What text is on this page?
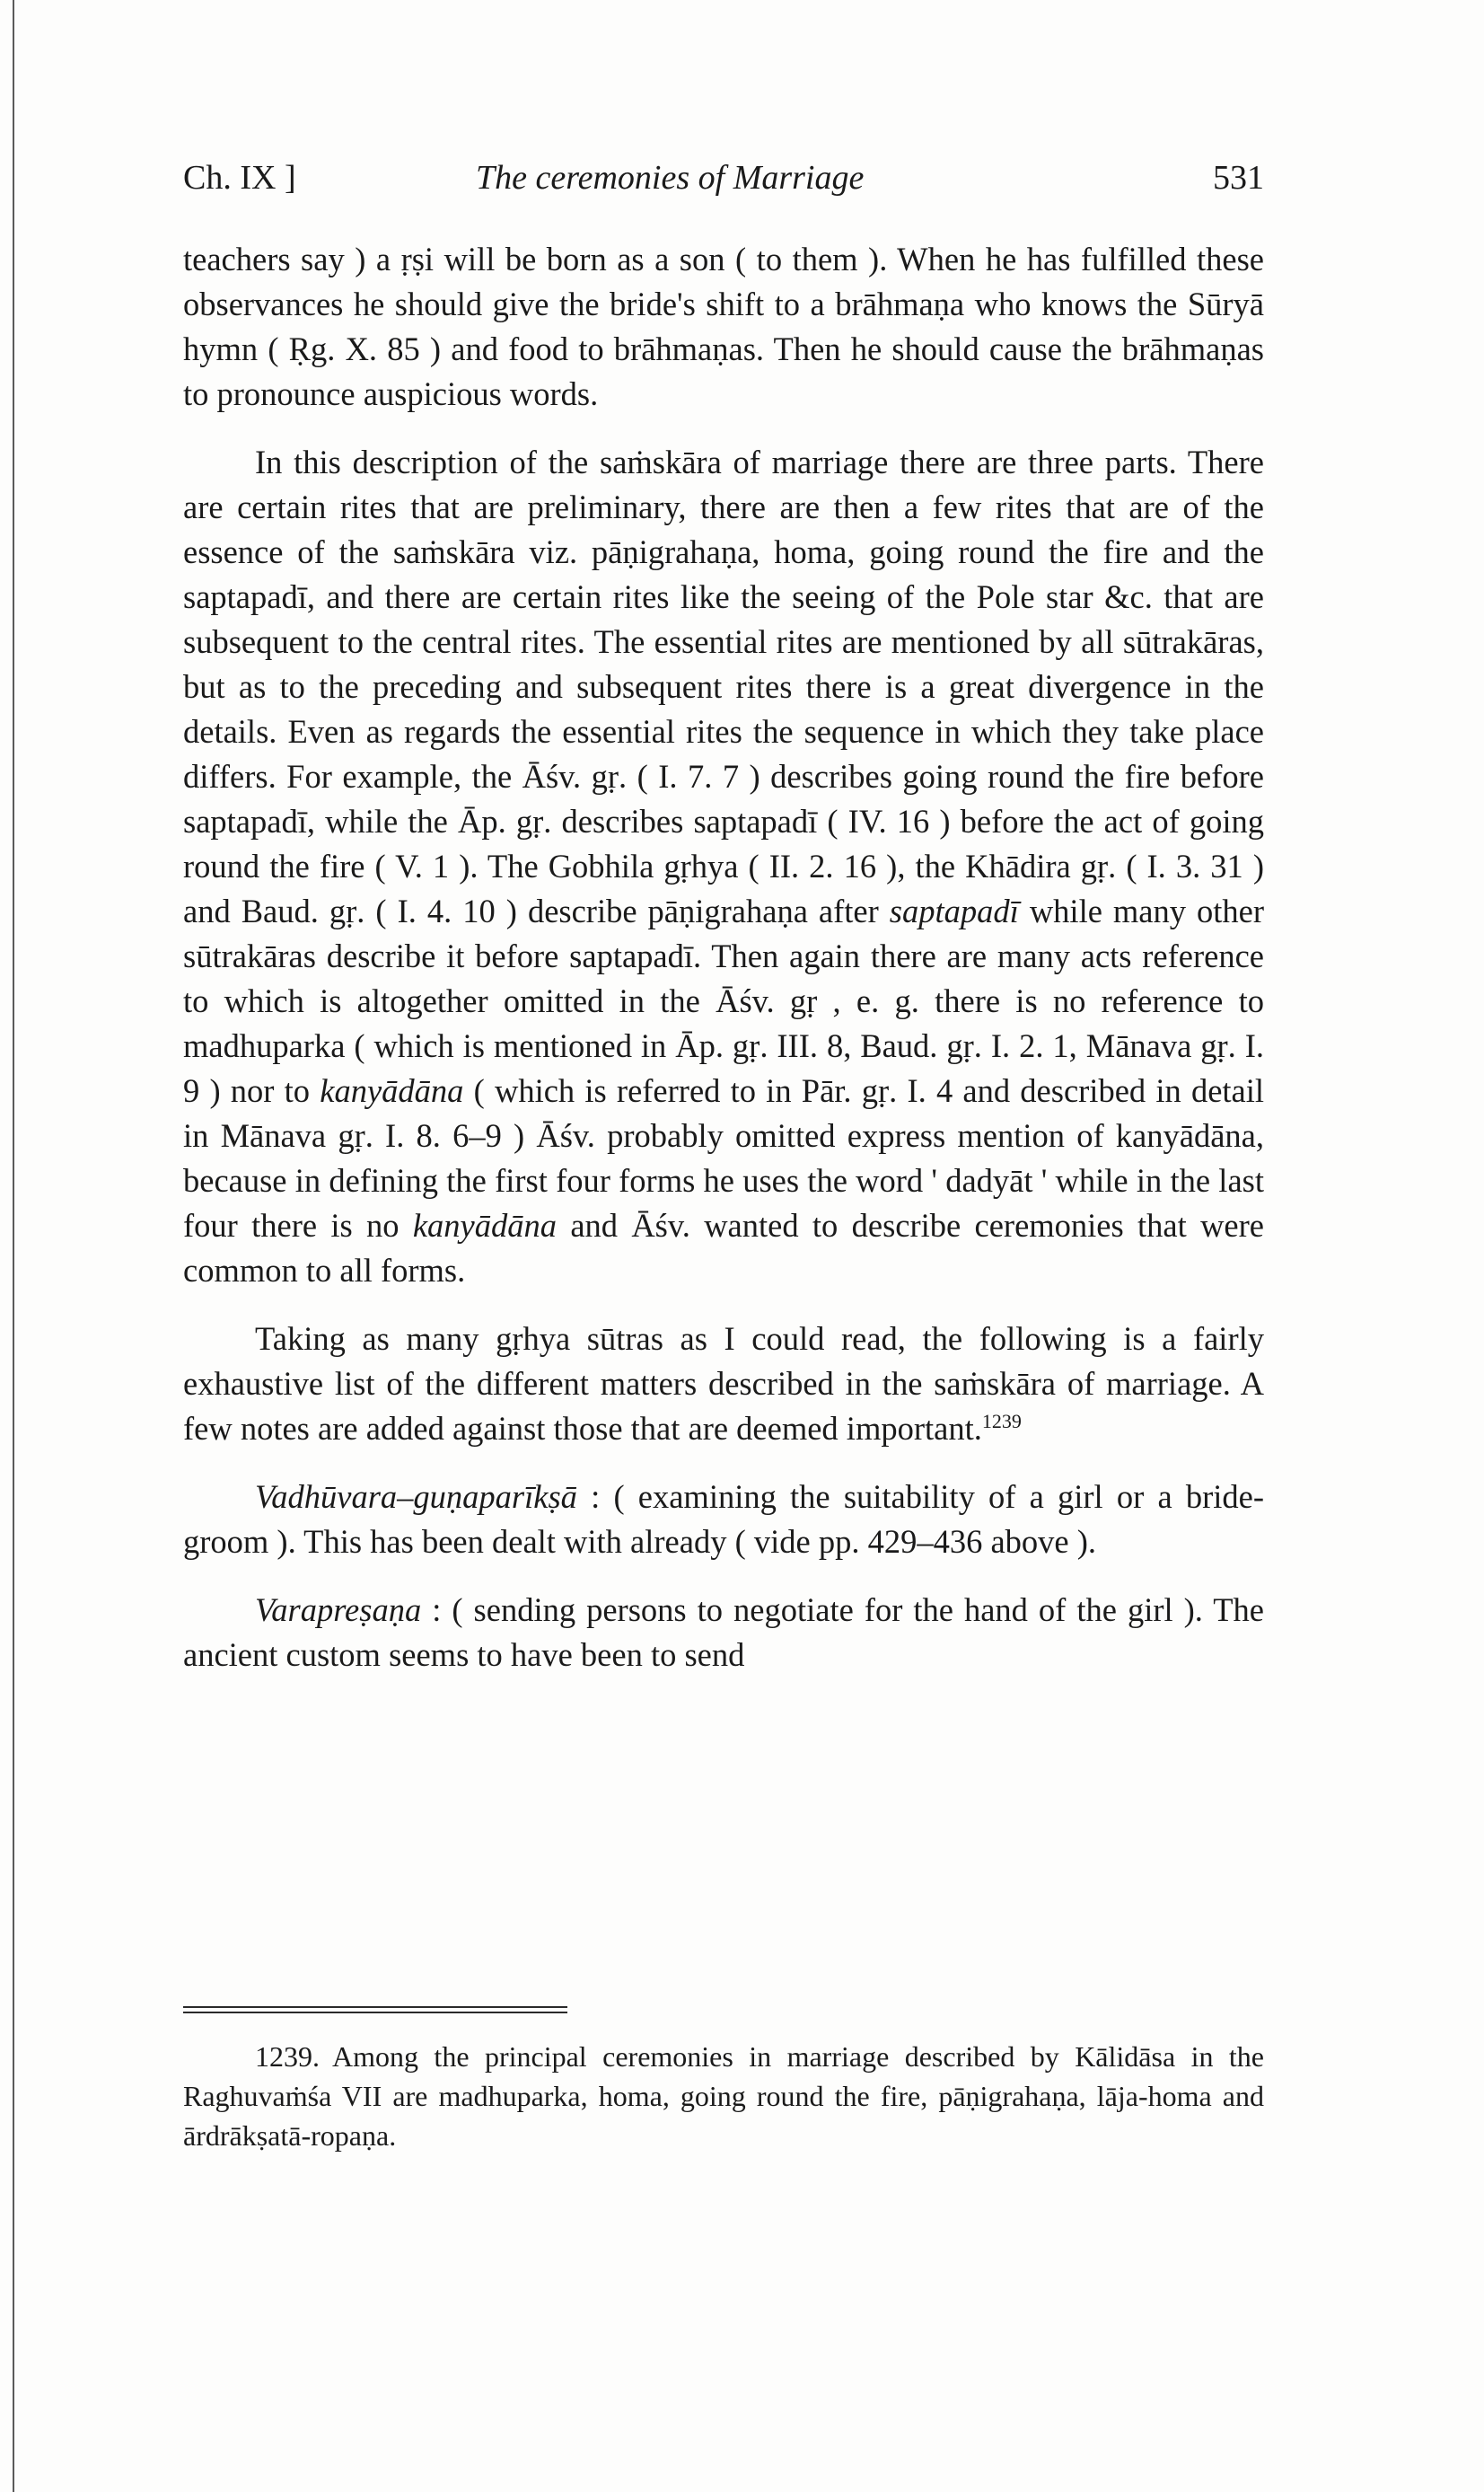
Ch. IX ]	The ceremonies of Marriage	531

teachers say ) a ṛṣi will be born as a son ( to them ). When he has fulfilled these observances he should give the bride's shift to a brāhmaṇa who knows the Sūryā hymn ( Ṛg. X. 85 ) and food to brāhmaṇas. Then he should cause the brāhmaṇas to pronounce auspicious words.

In this description of the saṁskāra of marriage there are three parts. There are certain rites that are preliminary, there are then a few rites that are of the essence of the saṁskāra viz. pāṇigrahaṇa, homa, going round the fire and the saptapadī, and there are certain rites like the seeing of the Pole star &c. that are subsequent to the central rites. The essential rites are mentioned by all sūtrakāras, but as to the preceding and subsequent rites there is a great divergence in the details. Even as regards the essential rites the sequence in which they take place differs. For example, the Āśv. gṛ. ( I. 7. 7 ) describes going round the fire before saptapadī, while the Āp. gṛ. describes saptapadī ( IV. 16 ) before the act of going round the fire ( V. 1 ). The Gobhila gṛhya ( II. 2. 16 ), the Khādira gṛ. ( I. 3. 31 ) and Baud. gṛ. ( I. 4. 10 ) describe pāṇigrahaṇa after saptapadī while many other sūtrakāras describe it before saptapadī. Then again there are many acts reference to which is altogether omitted in the Āśv. gṛ , e. g. there is no reference to madhuparka ( which is mentioned in Āp. gṛ. III. 8, Baud. gṛ. I. 2. 1, Mānava gṛ. I. 9 ) nor to kanyādāna ( which is referred to in Pār. gṛ. I. 4 and described in detail in Mānava gṛ. I. 8. 6–9 ) Āśv. probably omitted express mention of kanyādāna, because in defining the first four forms he uses the word ' dadyāt ' while in the last four there is no kanyādāna and Āśv. wanted to describe ceremonies that were common to all forms.

Taking as many gṛhya sūtras as I could read, the following is a fairly exhaustive list of the different matters described in the saṁskāra of marriage. A few notes are added against those that are deemed important.$^{1239}$

Vadhūvara–guṇaparīkṣā : ( examining the suitability of a girl or a bride-groom ). This has been dealt with already ( vide pp. 429–436 above ).

Varapreṣaṇa : ( sending persons to negotiate for the hand of the girl ). The ancient custom seems to have been to send

1239. Among the principal ceremonies in marriage described by Kālidāsa in the Raghuvaṁśa VII are madhuparka, homa, going round the fire, pāṇigrahaṇa, lāja-homa and ārdrākṣatā-ropaṇa.
